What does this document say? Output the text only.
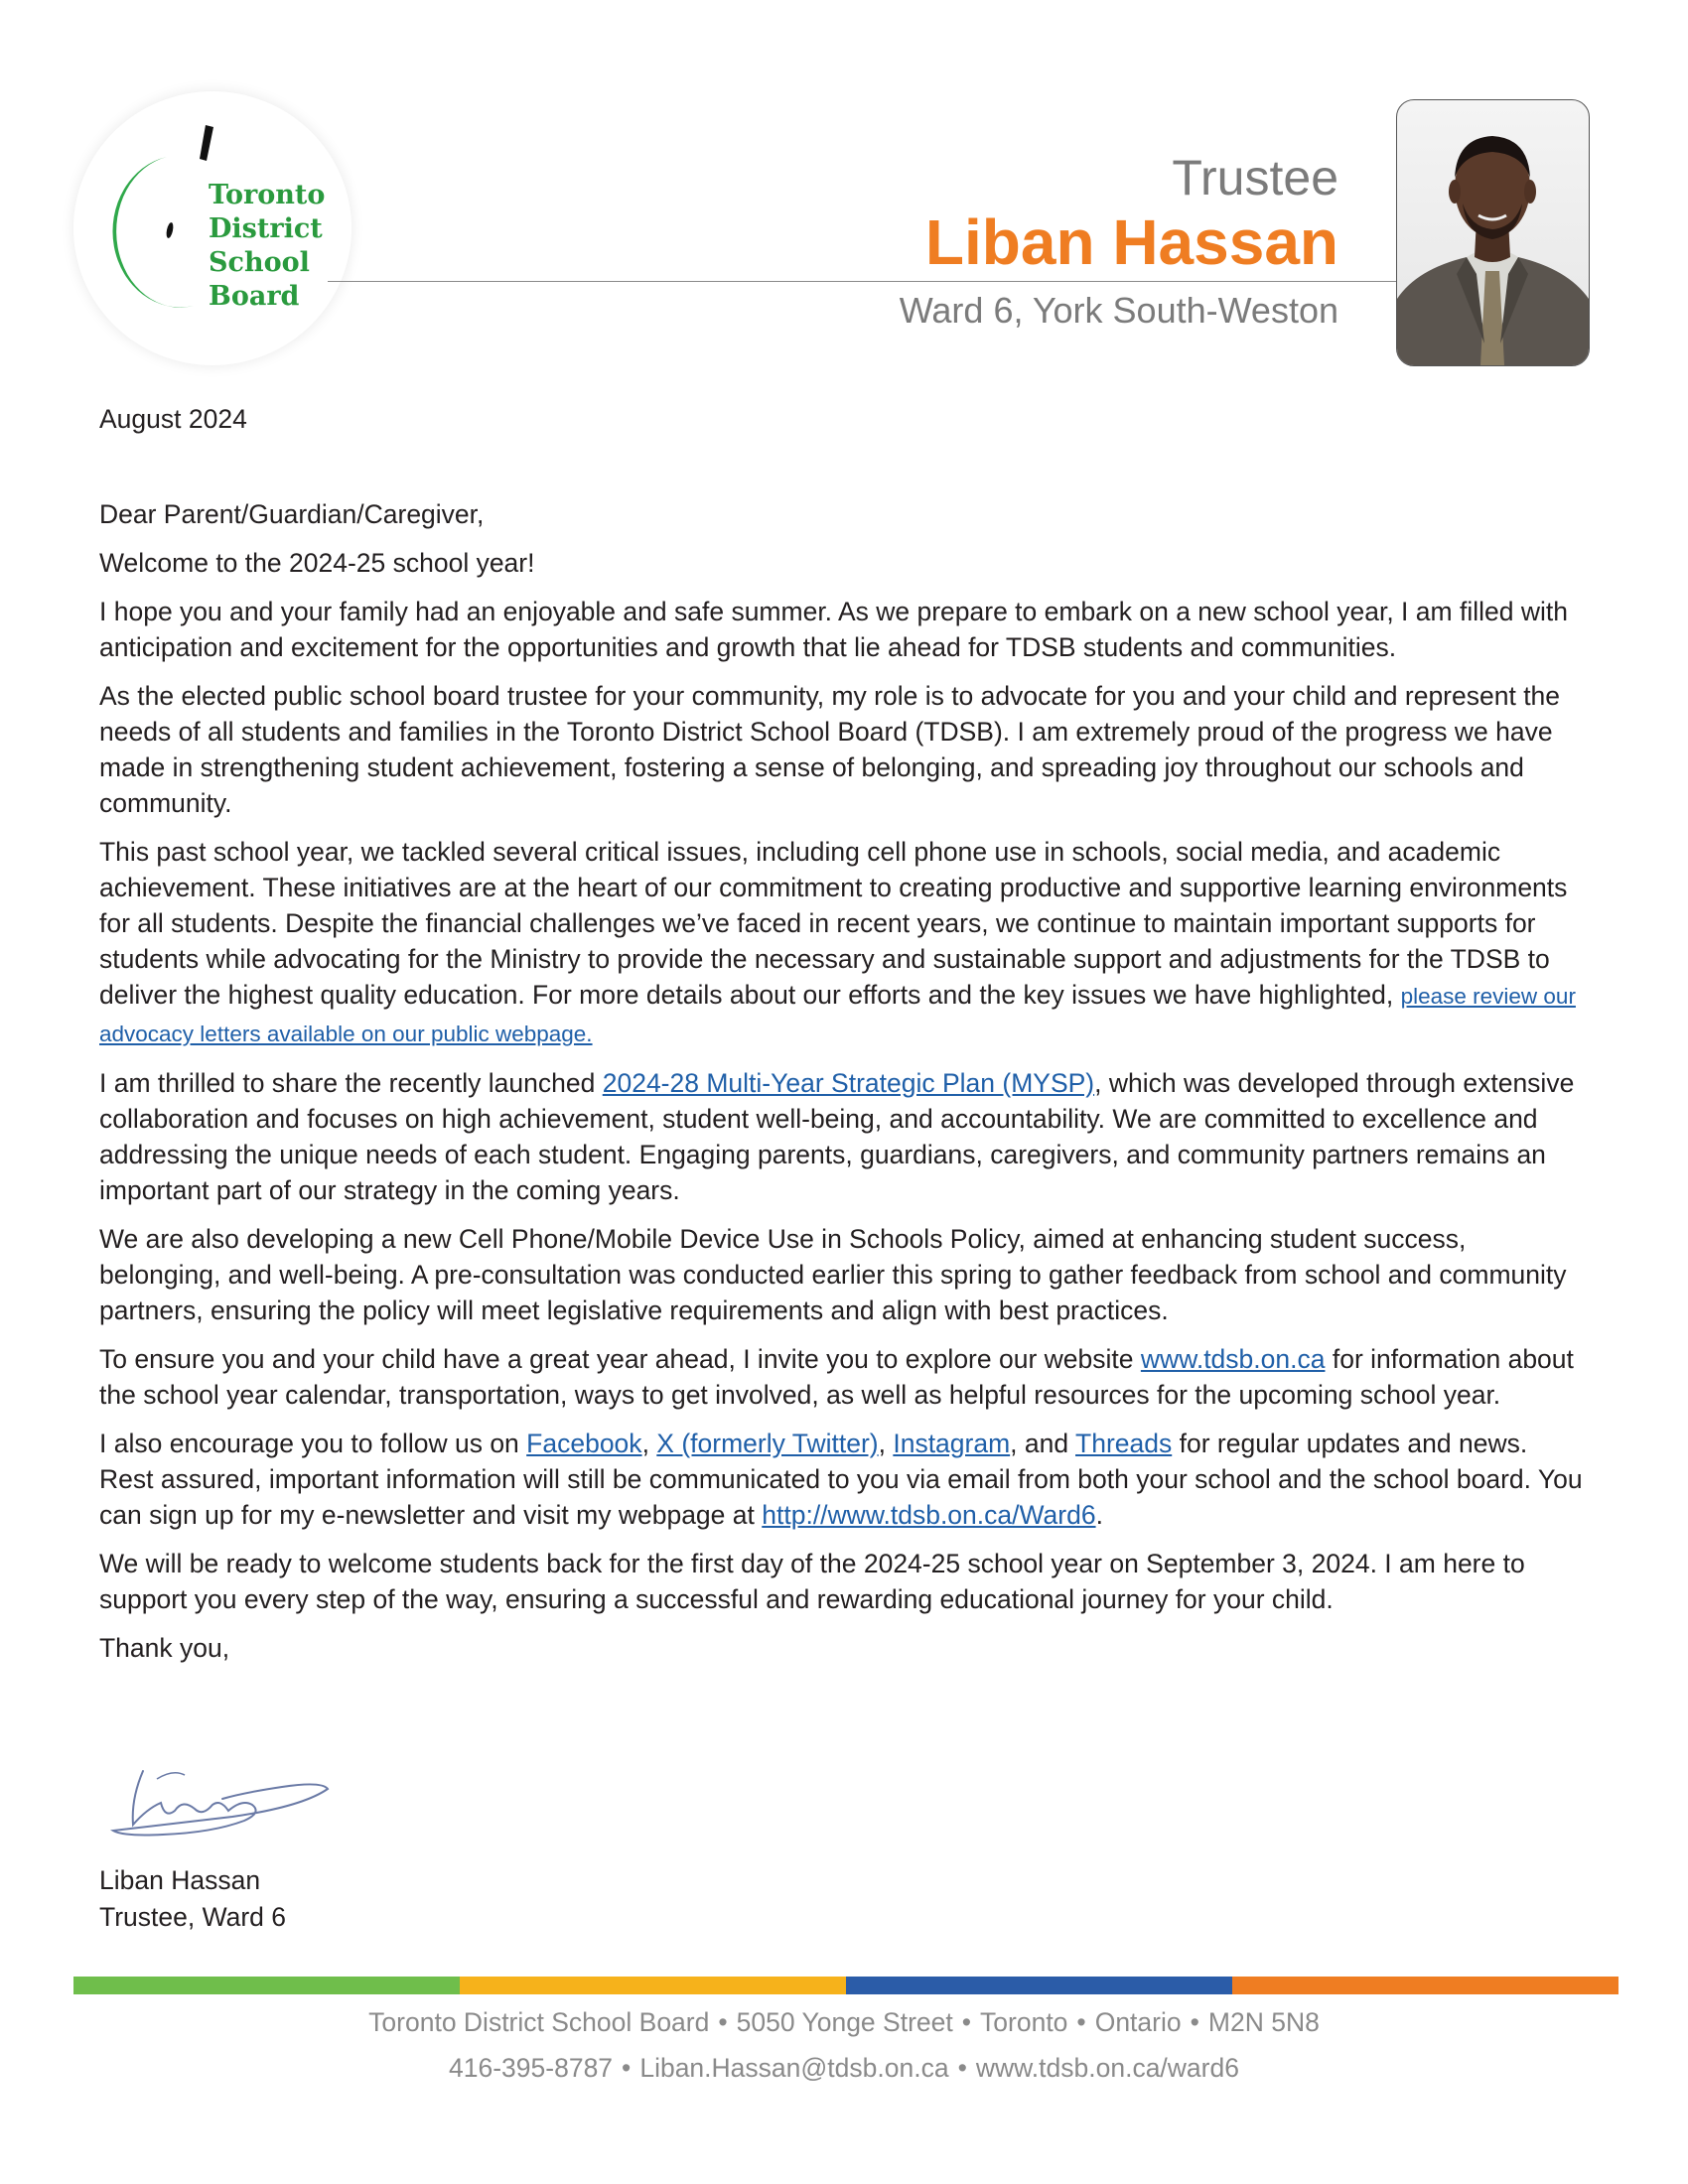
Toronto
District
School
Board
Trustee
Liban Hassan
Ward 6, York South-Weston

August 2024

Dear Parent/Guardian/Caregiver,

Welcome to the 2024-25 school year!

I hope you and your family had an enjoyable and safe summer. As we prepare to embark on a new school year, I am filled with anticipation and excitement for the opportunities and growth that lie ahead for TDSB students and communities.

As the elected public school board trustee for your community, my role is to advocate for you and your child and represent the needs of all students and families in the Toronto District School Board (TDSB). I am extremely proud of the progress we have made in strengthening student achievement, fostering a sense of belonging, and spreading joy throughout our schools and community.

This past school year, we tackled several critical issues, including cell phone use in schools, social media, and academic achievement. These initiatives are at the heart of our commitment to creating productive and supportive learning environments for all students. Despite the financial challenges we’ve faced in recent years, we continue to maintain important supports for students while advocating for the Ministry to provide the necessary and sustainable support and adjustments for the TDSB to deliver the highest quality education. For more details about our efforts and the key issues we have highlighted, please review our advocacy letters available on our public webpage.

I am thrilled to share the recently launched 2024-28 Multi-Year Strategic Plan (MYSP), which was developed through extensive collaboration and focuses on high achievement, student well-being, and accountability. We are committed to excellence and addressing the unique needs of each student. Engaging parents, guardians, caregivers, and community partners remains an important part of our strategy in the coming years.

We are also developing a new Cell Phone/Mobile Device Use in Schools Policy, aimed at enhancing student success, belonging, and well-being. A pre-consultation was conducted earlier this spring to gather feedback from school and community partners, ensuring the policy will meet legislative requirements and align with best practices.

To ensure you and your child have a great year ahead, I invite you to explore our website www.tdsb.on.ca for information about the school year calendar, transportation, ways to get involved, as well as helpful resources for the upcoming school year.

I also encourage you to follow us on Facebook, X (formerly Twitter), Instagram, and Threads for regular updates and news. Rest assured, important information will still be communicated to you via email from both your school and the school board. You can sign up for my e-newsletter and visit my webpage at http://www.tdsb.on.ca/Ward6.

We will be ready to welcome students back for the first day of the 2024-25 school year on September 3, 2024. I am here to support you every step of the way, ensuring a successful and rewarding educational journey for your child.

Thank you,

Liban Hassan
Trustee, Ward 6
Toronto District School Board • 5050 Yonge Street • Toronto • Ontario • M2N 5N8
416-395-8787 • Liban.Hassan@tdsb.on.ca • www.tdsb.on.ca/ward6
